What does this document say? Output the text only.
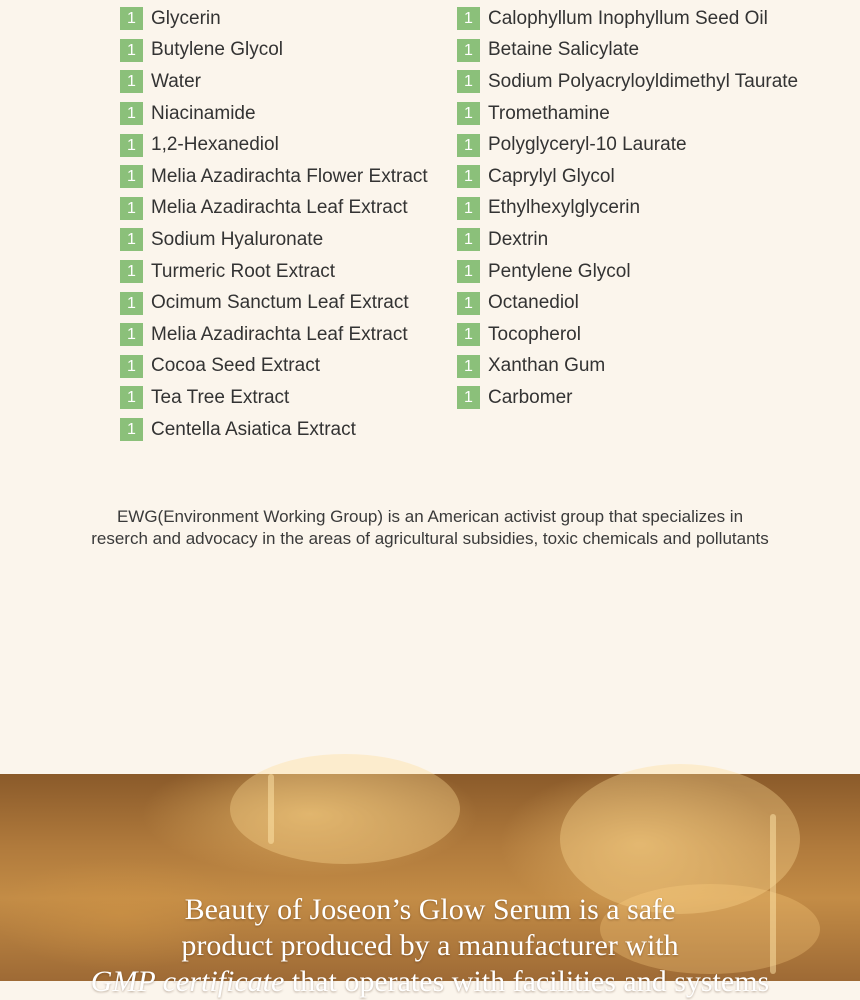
1 Glycerin
1 Butylene Glycol
1 Water
1 Niacinamide
1 1,2-Hexanediol
1 Melia Azadirachta Flower Extract
1 Melia Azadirachta Leaf Extract
1 Sodium Hyaluronate
1 Turmeric Root Extract
1 Ocimum Sanctum Leaf Extract
1 Melia Azadirachta Leaf Extract
1 Cocoa Seed Extract
1 Tea Tree Extract
1 Centella Asiatica Extract
1 Calophyllum Inophyllum Seed Oil
1 Betaine Salicylate
1 Sodium Polyacryloyldimethyl Taurate
1 Tromethamine
1 Polyglyceryl-10 Laurate
1 Caprylyl Glycol
1 Ethylhexylglycerin
1 Dextrin
1 Pentylene Glycol
1 Octanediol
1 Tocopherol
1 Xanthan Gum
1 Carbomer
EWG(Environment Working Group) is an American activist group that specializes in
reserch and advocacy in the areas of agricultural subsidies, toxic chemicals and pollutants
Beauty of Joseon’s Glow Serum is a safe
product produced by a manufacturer with
GMP certificate that operates with facilities and systems
